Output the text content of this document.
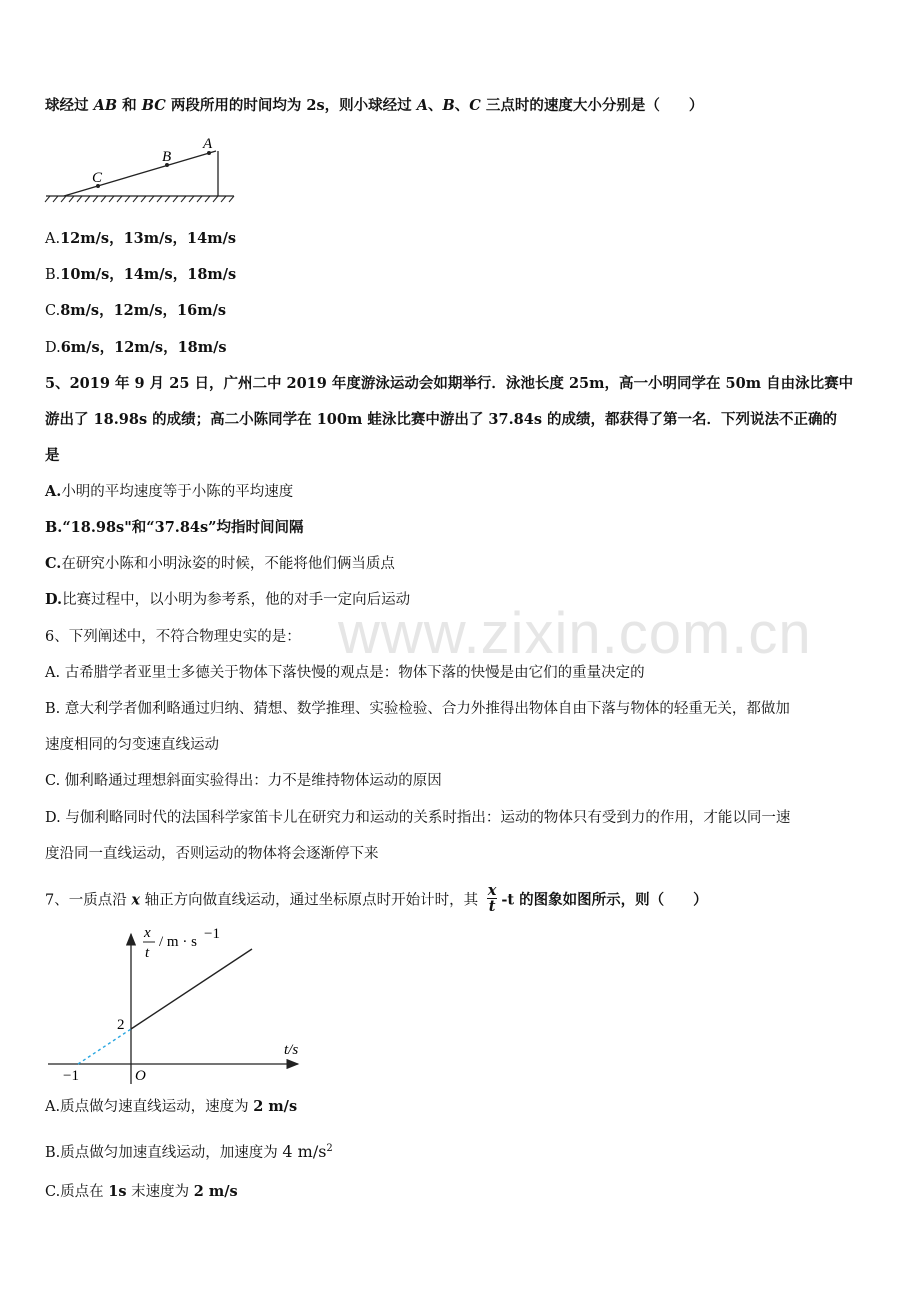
www.zixin.com.cn
球经过 AB 和 BC 两段所用的时间均为 2s，则小球经过 A、B、C 三点时的速度大小分别是（　　）
C
B
A
A.12m/s，13m/s，14m/s
B.10m/s，14m/s，18m/s
C.8m/s，12m/s，16m/s
D.6m/s，12m/s，18m/s
5、2019 年 9 月 25 日，广州二中 2019 年度游泳运动会如期举行．泳池长度 25m，高一小明同学在 50m 自由泳比赛中
游出了 18.98s 的成绩；高二小陈同学在 100m 蛙泳比赛中游出了 37.84s 的成绩，都获得了第一名．下列说法不正确的
是
A.小明的平均速度等于小陈的平均速度
B.“18.98s"和“37.84s”均指时间间隔
C.在研究小陈和小明泳姿的时候，不能将他们俩当质点
D.比赛过程中，以小明为参考系，他的对手一定向后运动
6、下列阐述中，不符合物理史实的是：
A. 古希腊学者亚里士多德关于物体下落快慢的观点是：物体下落的快慢是由它们的重量决定的
B. 意大利学者伽利略通过归纳、猜想、数学推理、实验检验、合力外推得出物体自由下落与物体的轻重无关，都做加
速度相同的匀变速直线运动
C. 伽利略通过理想斜面实验得出：力不是维持物体运动的原因
D. 与伽利略同时代的法国科学家笛卡儿在研究力和运动的关系时指出：运动的物体只有受到力的作用，才能以同一速
度沿同一直线运动，否则运动的物体将会逐渐停下来
7、一质点沿 x 轴正方向做直线运动，通过坐标原点时开始计时，其 $\frac{x}{t} -t$ 的图象如图所示，则（　　）
x
t
/ m · s −1
t/s
O
2
−1
A.质点做匀速直线运动，速度为 2 m/s
B.质点做匀加速直线运动，加速度为 4 $m/s^2$
C.质点在 1s 末速度为 2 m/s
